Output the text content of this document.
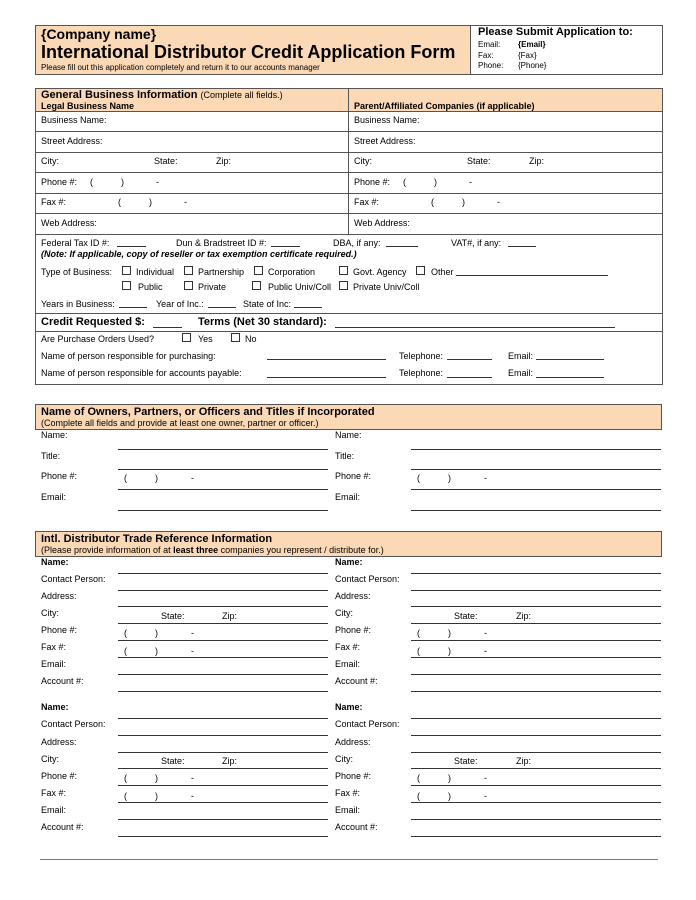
{Company name}
International Distributor Credit Application Form
Please fill out this application completely and return it to our accounts manager
Please Submit Application to:
Email: {Email}
Fax:	{Fax}
Phone: {Phone}
General Business Information (Complete all fields.)
Legal Business Name	Parent/Affiliated Companies (if applicable)
Business Name:
Street Address:
City:	State:	Zip:
Phone #: (	)	-
Fax #:	(	)	-
Web Address:
Business Name:
Street Address:
City:	State:	Zip:
Phone #: (	)	-
Fax #:	(	)	-
Web Address:
Federal Tax ID #:	Dun & Bradstreet ID #:	DBA, if any:	VAT#, if any:
(Note: If applicable, copy of reseller or tax exemption certificate required.)
Type of Business:	Individual	Partnership	Corporation	Govt. Agency	Other
Public	Private	Public Univ/Coll Private Univ/Coll
Years in Business:	Year of Inc.:	State of Inc:
Credit Requested $:	Terms (Net 30 standard):
Are Purchase Orders Used?	Yes	No
Name of person responsible for purchasing:	Telephone:	Email:
Name of person responsible for accounts payable:	Telephone:	Email:
Name of Owners, Partners, or Officers and Titles if Incorporated
(Complete all fields and provide at least one owner, partner or officer.)
Name:
Title:
Phone #:	(	)	-
Email:
Name:
Title:
Phone #:	(	)	-
Email:
Intl. Distributor Trade Reference Information
(Please provide information of at least three companies you represent / distribute for.)
Name:
Contact Person:
Address:
City:	State:	Zip:
Phone #:	(	)	-
Fax #:	(	)	-
Email:
Account #:
Name:
Contact Person:
Address:
City:	State:	Zip:
Phone #:	(	)	-
Fax #:	(	)	-
Email:
Account #:
Name:
Contact Person:
Address:
City:	State:	Zip:
Phone #:	(	)	-
Fax #:	(	)	-
Email:
Account #:
Name:
Contact Person:
Address:
City:	State:	Zip:
Phone #:	(	)	-
Fax #:	(	)	-
Email:
Account #:
